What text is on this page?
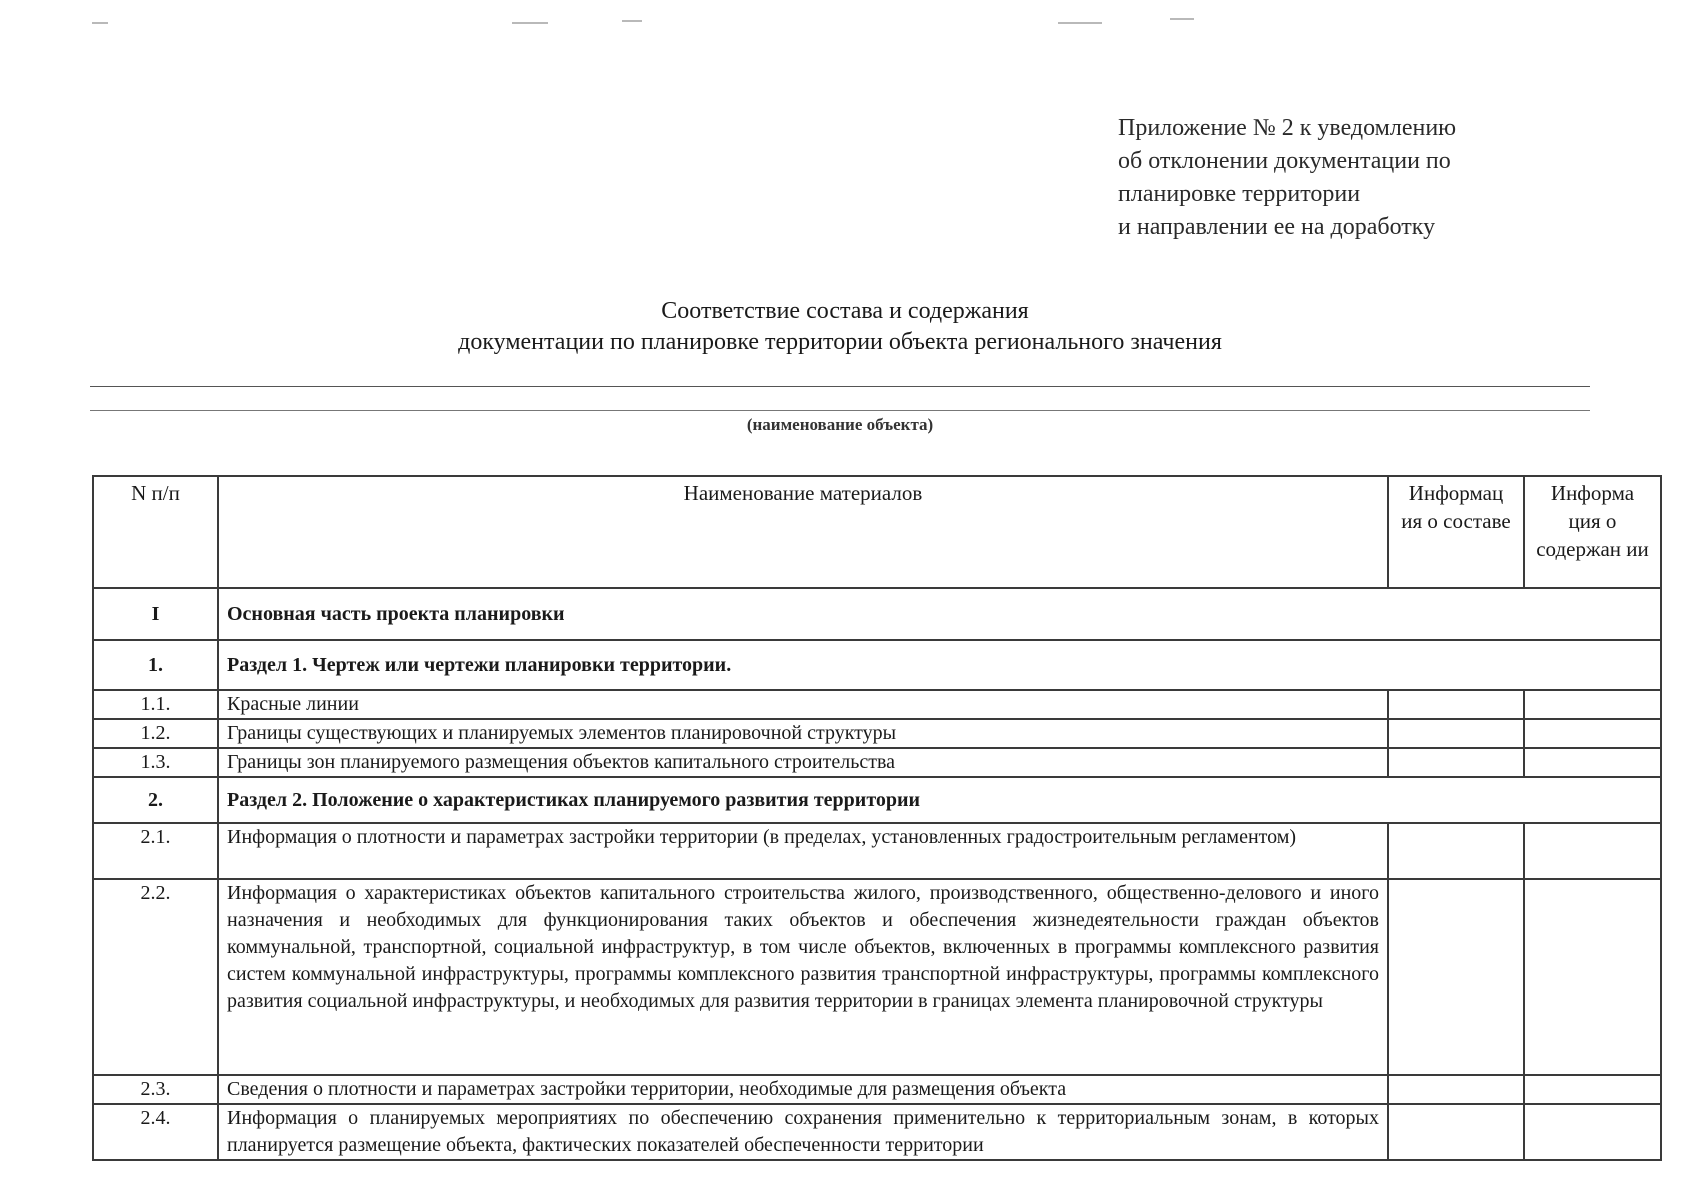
Приложение № 2 к уведомлению
об отклонении документации по
планировке территории
и направлении ее на доработку
Соответствие состава и содержания
документации по планировке территории объекта регионального значения
(наименование объекта)
N п/п	Наименование материалов	Информац ия о составе	Информа ция о содержан ии
I	Основная часть проекта планировки		
1.	Раздел 1. Чертеж или чертежи планировки территории.		
1.1.	Красные линии		
1.2.	Границы существующих и планируемых элементов планировочной структуры		
1.3.	Границы зон планируемого размещения объектов капитального строительства		
2.	Раздел 2. Положение о характеристиках планируемого развития территории		
2.1.	Информация о плотности и параметрах застройки территории (в пределах, установленных градостроительным регламентом)		
2.2.	Информация о характеристиках объектов капитального строительства жилого, производственного, общественно-делового и иного назначения и необходимых для функционирования таких объектов и обеспечения жизнедеятельности граждан объектов коммунальной, транспортной, социальной инфраструктур, в том числе объектов, включенных в программы комплексного развития систем коммунальной инфраструктуры, программы комплексного развития транспортной инфраструктуры, программы комплексного развития социальной инфраструктуры, и необходимых для развития территории в границах элемента планировочной структуры		
2.3.	Сведения о плотности и параметрах застройки территории, необходимые для размещения объекта		
2.4.	Информация о планируемых мероприятиях по обеспечению сохранения применительно к территориальным зонам, в которых планируется размещение объекта, фактических показателей обеспеченности территории		
